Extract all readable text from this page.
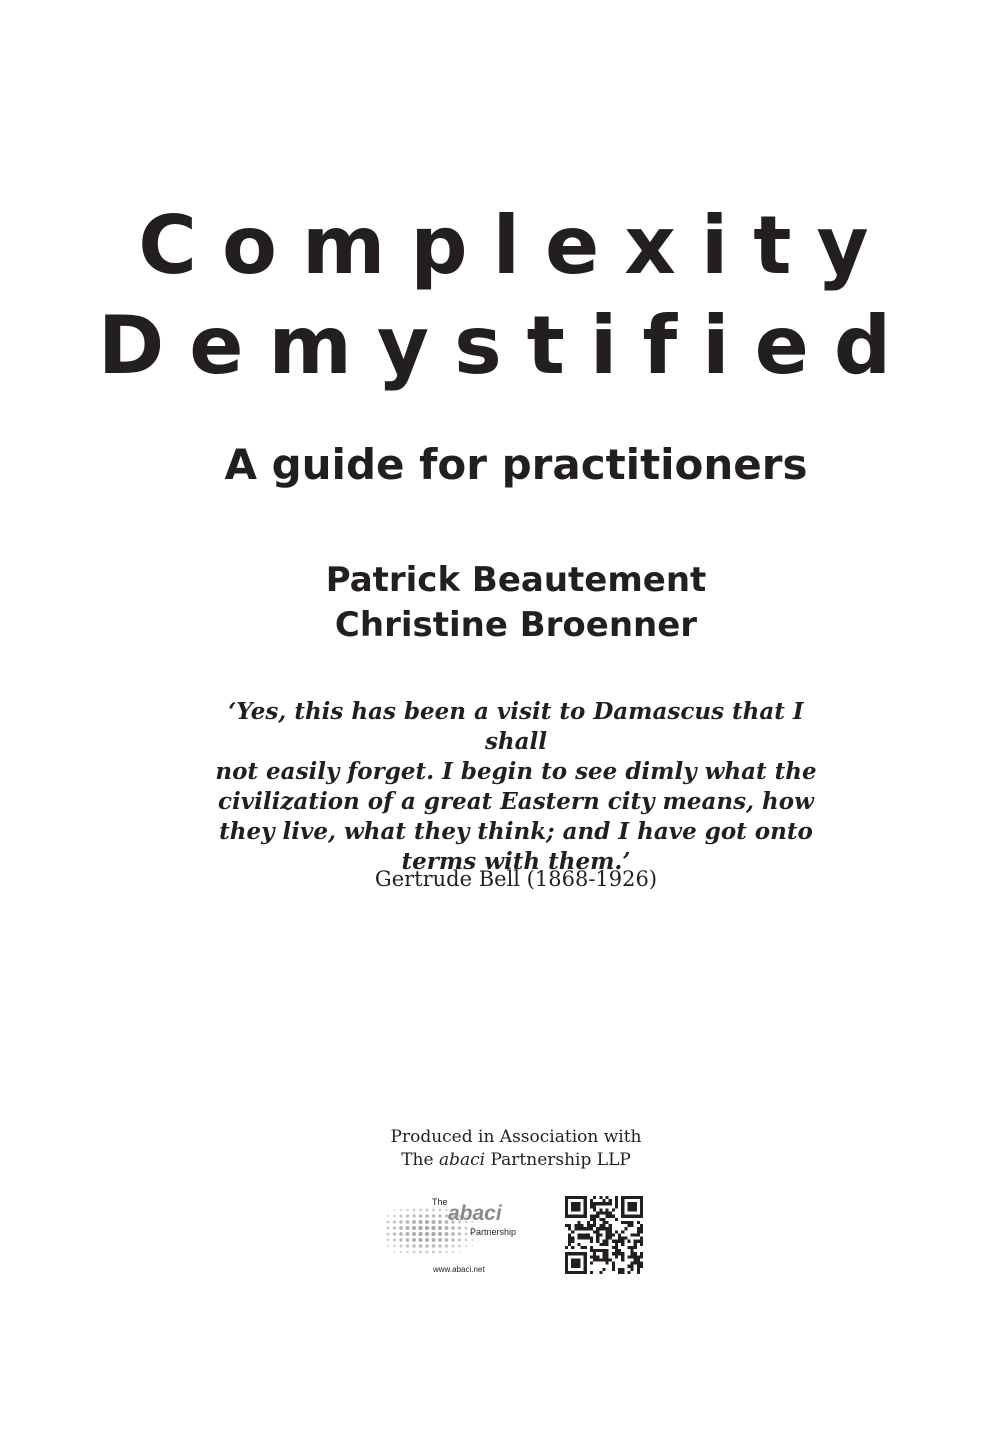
Complexity
Demystified
A guide for practitioners
Patrick Beautement
Christine Broenner
‘Yes, this has been a visit to Damascus that I shall
not easily forget. I begin to see dimly what the
civilization of a great Eastern city means, how
they live, what they think; and I have got onto
terms with them.’
Gertrude Bell (1868-1926)
Produced in Association with
The abaci Partnership LLP
The abaci
Partnership
www.abaci.net
